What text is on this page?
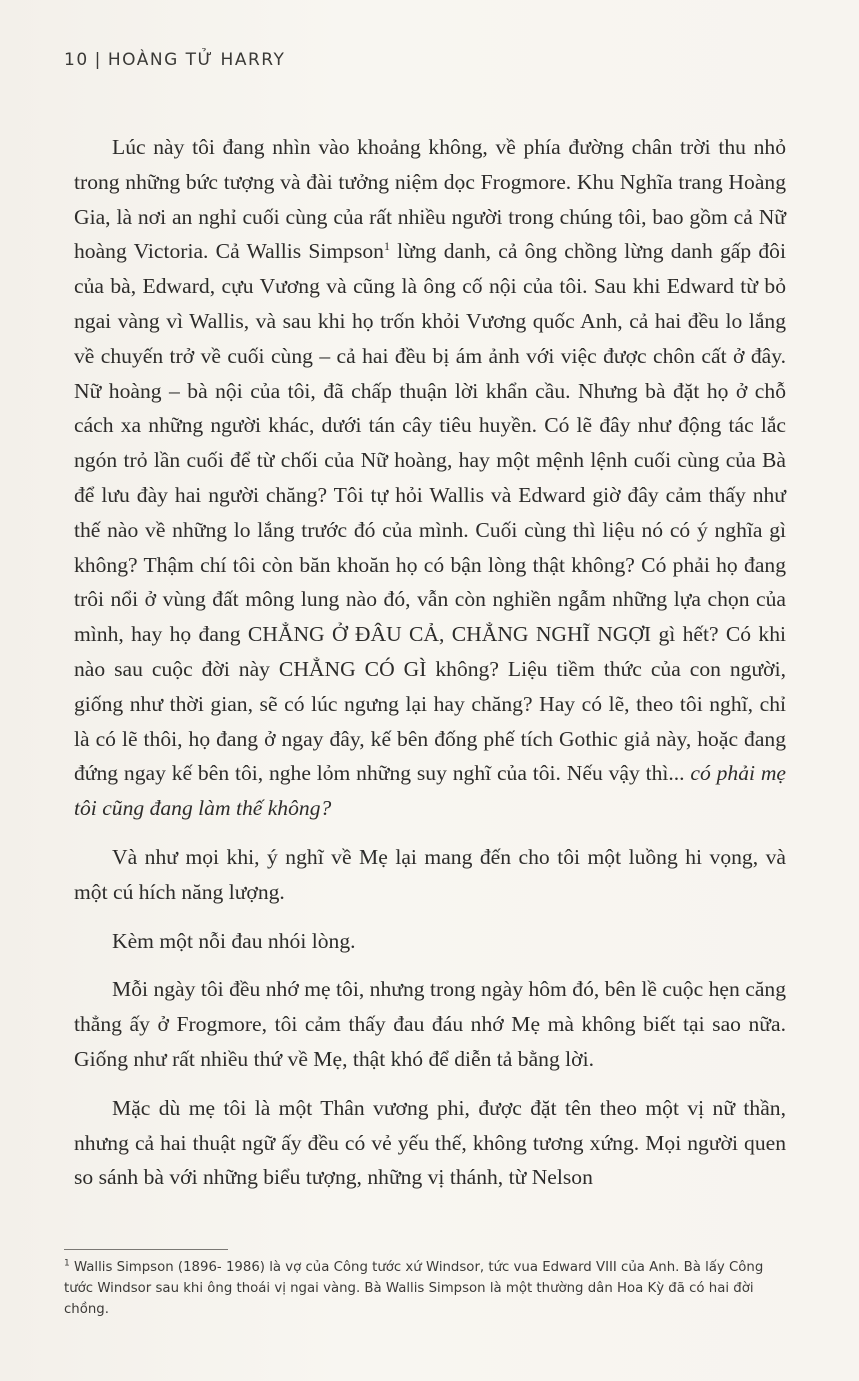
10 | HOÀNG TỬ HARRY

Lúc này tôi đang nhìn vào khoảng không, về phía đường chân trời thu nhỏ trong những bức tượng và đài tưởng niệm dọc Frogmore. Khu Nghĩa trang Hoàng Gia, là nơi an nghỉ cuối cùng của rất nhiều người trong chúng tôi, bao gồm cả Nữ hoàng Victoria. Cả Wallis Simpson$^1$ lừng danh, cả ông chồng lừng danh gấp đôi của bà, Edward, cựu Vương và cũng là ông cố nội của tôi. Sau khi Edward từ bỏ ngai vàng vì Wallis, và sau khi họ trốn khỏi Vương quốc Anh, cả hai đều lo lắng về chuyến trở về cuối cùng – cả hai đều bị ám ảnh với việc được chôn cất ở đây. Nữ hoàng – bà nội của tôi, đã chấp thuận lời khẩn cầu. Nhưng bà đặt họ ở chỗ cách xa những người khác, dưới tán cây tiêu huyền. Có lẽ đây như động tác lắc ngón trỏ lần cuối để từ chối của Nữ hoàng, hay một mệnh lệnh cuối cùng của Bà để lưu đày hai người chăng? Tôi tự hỏi Wallis và Edward giờ đây cảm thấy như thế nào về những lo lắng trước đó của mình. Cuối cùng thì liệu nó có ý nghĩa gì không? Thậm chí tôi còn băn khoăn họ có bận lòng thật không? Có phải họ đang trôi nổi ở vùng đất mông lung nào đó, vẫn còn nghiền ngẫm những lựa chọn của mình, hay họ đang CHẲNG Ở ĐÂU CẢ, CHẲNG NGHĨ NGỢI gì hết? Có khi nào sau cuộc đời này CHẲNG CÓ GÌ không? Liệu tiềm thức của con người, giống như thời gian, sẽ có lúc ngưng lại hay chăng? Hay có lẽ, theo tôi nghĩ, chỉ là có lẽ thôi, họ đang ở ngay đây, kế bên đống phế tích Gothic giả này, hoặc đang đứng ngay kế bên tôi, nghe lỏm những suy nghĩ của tôi. Nếu vậy thì... có phải mẹ tôi cũng đang làm thế không?

Và như mọi khi, ý nghĩ về Mẹ lại mang đến cho tôi một luồng hi vọng, và một cú hích năng lượng.

Kèm một nỗi đau nhói lòng.

Mỗi ngày tôi đều nhớ mẹ tôi, nhưng trong ngày hôm đó, bên lề cuộc hẹn căng thẳng ấy ở Frogmore, tôi cảm thấy đau đáu nhớ Mẹ mà không biết tại sao nữa. Giống như rất nhiều thứ về Mẹ, thật khó để diễn tả bằng lời.

Mặc dù mẹ tôi là một Thân vương phi, được đặt tên theo một vị nữ thần, nhưng cả hai thuật ngữ ấy đều có vẻ yếu thế, không tương xứng. Mọi người quen so sánh bà với những biểu tượng, những vị thánh, từ Nelson

$^1$ Wallis Simpson (1896- 1986) là vợ của Công tước xứ Windsor, tức vua Edward VIII của Anh. Bà lấy Công tước Windsor sau khi ông thoái vị ngai vàng. Bà Wallis Simpson là một thường dân Hoa Kỳ đã có hai đời chồng.
